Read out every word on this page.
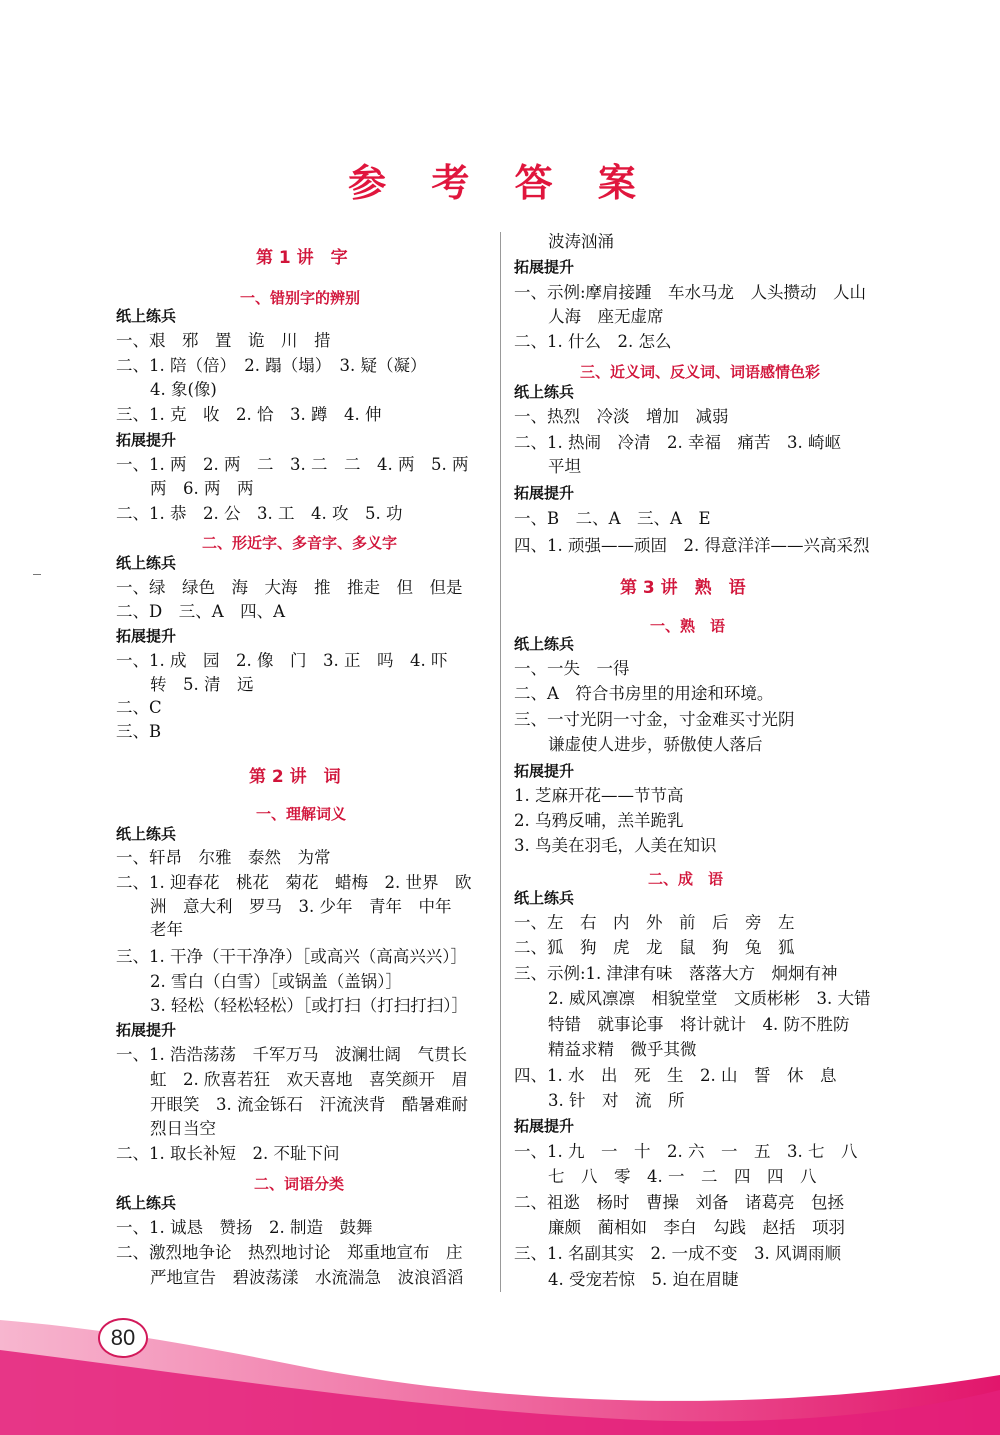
参 考 答 案
第 1 讲　字
一、错别字的辨别
纸上练兵
一、艰　邪　置　诡　川　措
二、1. 陪（倍）　2. 蹋（塌）　3. 疑（凝）
4. 象(像)
三、1. 克　收　2. 恰　3. 蹲　4. 伸
拓展提升
一、1. 两　2. 两　二　3. 二　二　4. 两　5. 两
两　6. 两　两
二、1. 恭　2. 公　3. 工　4. 攻　5. 功
二、形近字、多音字、多义字
纸上练兵
一、绿　绿色　海　大海　推　推走　但　但是
二、D　三、A　四、A
拓展提升
一、1. 成　园　2. 像　门　3. 正　吗　4. 吓
转　5. 清　远
二、C
三、B
第 2 讲　词
一、理解词义
纸上练兵
一、轩昂　尔雅　泰然　为常
二、1. 迎春花　桃花　菊花　蜡梅　2. 世界　欧
洲　意大利　罗马　3. 少年　青年　中年
老年
三、1. 干净（干干净净）［或高兴（高高兴兴）］
2. 雪白（白雪）［或锅盖（盖锅）］
3. 轻松（轻松轻松）［或打扫（打扫打扫）］
拓展提升
一、1. 浩浩荡荡　千军万马　波澜壮阔　气贯长
虹　2. 欣喜若狂　欢天喜地　喜笑颜开　眉
开眼笑　3. 流金铄石　汗流浃背　酷暑难耐
烈日当空
二、1. 取长补短　2. 不耻下问
二、词语分类
纸上练兵
一、1. 诚恳　赞扬　2. 制造　鼓舞
二、激烈地争论　热烈地讨论　郑重地宣布　庄
严地宣告　碧波荡漾　水流湍急　波浪滔滔
波涛汹涌
拓展提升
一、示例:摩肩接踵　车水马龙　人头攒动　人山
人海　座无虚席
二、1. 什么　2. 怎么
三、近义词、反义词、词语感情色彩
纸上练兵
一、热烈　冷淡　增加　减弱
二、1. 热闹　冷清　2. 幸福　痛苦　3. 崎岖
平坦
拓展提升
一、B　二、A　三、A　E
四、1. 顽强——顽固　2. 得意洋洋——兴高采烈
第 3 讲　熟　语
一、熟　语
纸上练兵
一、一失　一得
二、A　符合书房里的用途和环境。
三、一寸光阴一寸金，寸金难买寸光阴
谦虚使人进步，骄傲使人落后
拓展提升
1. 芝麻开花——节节高
2. 乌鸦反哺，羔羊跪乳
3. 鸟美在羽毛，人美在知识
二、成　语
纸上练兵
一、左　右　内　外　前　后　旁　左
二、狐　狗　虎　龙　鼠　狗　兔　狐
三、示例:1. 津津有味　落落大方　炯炯有神
2. 威风凛凛　相貌堂堂　文质彬彬　3. 大错
特错　就事论事　将计就计　4. 防不胜防
精益求精　微乎其微
四、1. 水　出　死　生　2. 山　誓　休　息
3. 针　对　流　所
拓展提升
一、1. 九　一　十　2. 六　一　五　3. 七　八
七　八　零　4. 一　二　四　四　八
二、祖逖　杨时　曹操　刘备　诸葛亮　包拯
廉颇　蔺相如　李白　勾践　赵括　项羽
三、1. 名副其实　2. 一成不变　3. 风调雨顺
4. 受宠若惊　5. 迫在眉睫
80
